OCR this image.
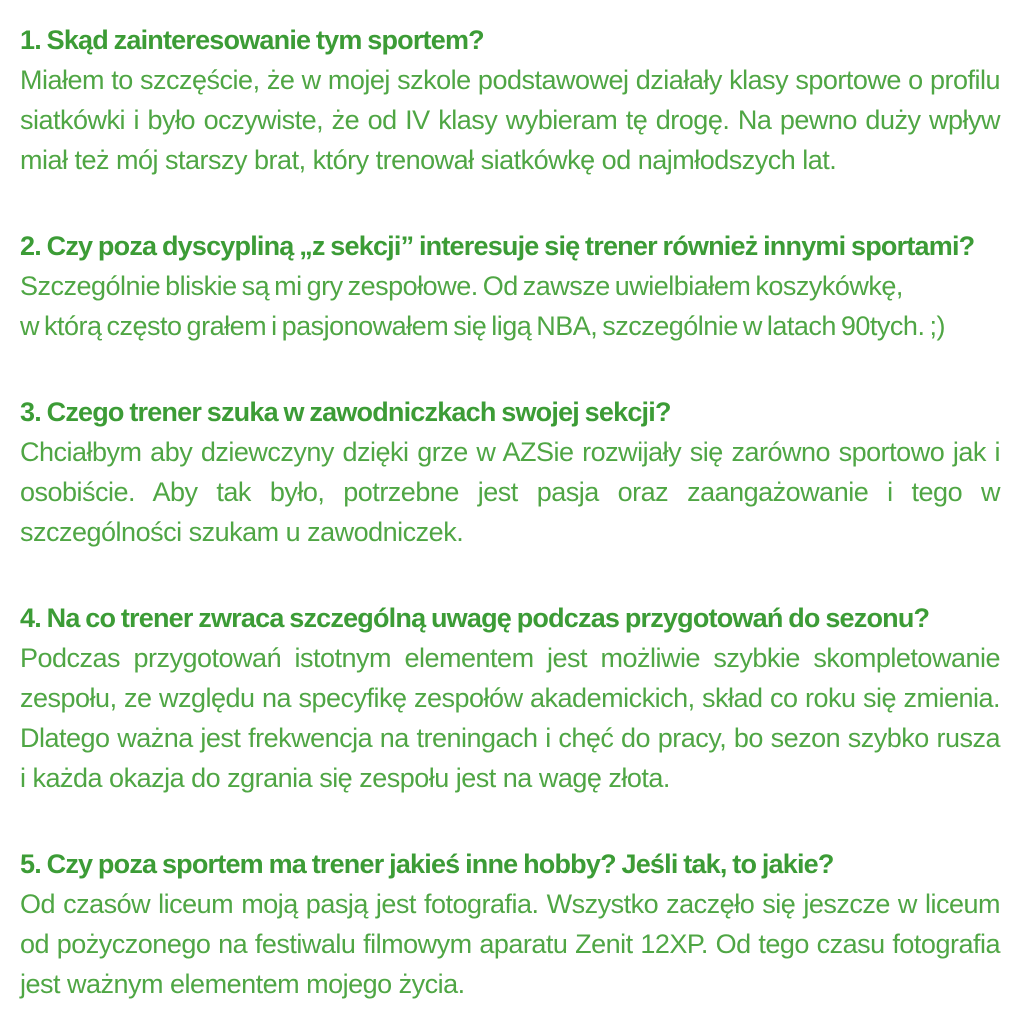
1. Skąd zainteresowanie tym sportem?

Miałem to szczęście, że w mojej szkole podstawowej działały klasy sportowe o profilu siatkówki i było oczywiste, że od IV klasy wybieram tę drogę. Na pewno duży wpływ miał też mój starszy brat, który trenował siatkówkę od najmłodszych lat.

2. Czy poza dyscypliną „z sekcji” interesuje się trener również innymi sportami?

Szczególnie bliskie są mi gry zespołowe. Od zawsze uwielbiałem koszykówkę,
w którą często grałem i pasjonowałem się ligą NBA, szczególnie w latach 90tych. ;)

3. Czego trener szuka w zawodniczkach swojej sekcji?

Chciałbym aby dziewczyny dzięki grze w AZSie rozwijały się zarówno sportowo jak i osobiście. Aby tak było, potrzebne jest pasja oraz zaangażowanie i tego w szczególności szukam u zawodniczek.

4. Na co trener zwraca szczególną uwagę podczas przygotowań do sezonu?

Podczas przygotowań istotnym elementem jest możliwie szybkie skompletowanie zespołu, ze względu na specyfikę zespołów akademickich, skład co roku się zmienia. Dlatego ważna jest frekwencja na treningach i chęć do pracy, bo sezon szybko rusza i każda okazja do zgrania się zespołu jest na wagę złota.

5. Czy poza sportem ma trener jakieś inne hobby? Jeśli tak, to jakie?

Od czasów liceum moją pasją jest fotografia. Wszystko zaczęło się jeszcze w liceum od pożyczonego na festiwalu filmowym aparatu Zenit 12XP. Od tego czasu fotografia jest ważnym elementem mojego życia.
